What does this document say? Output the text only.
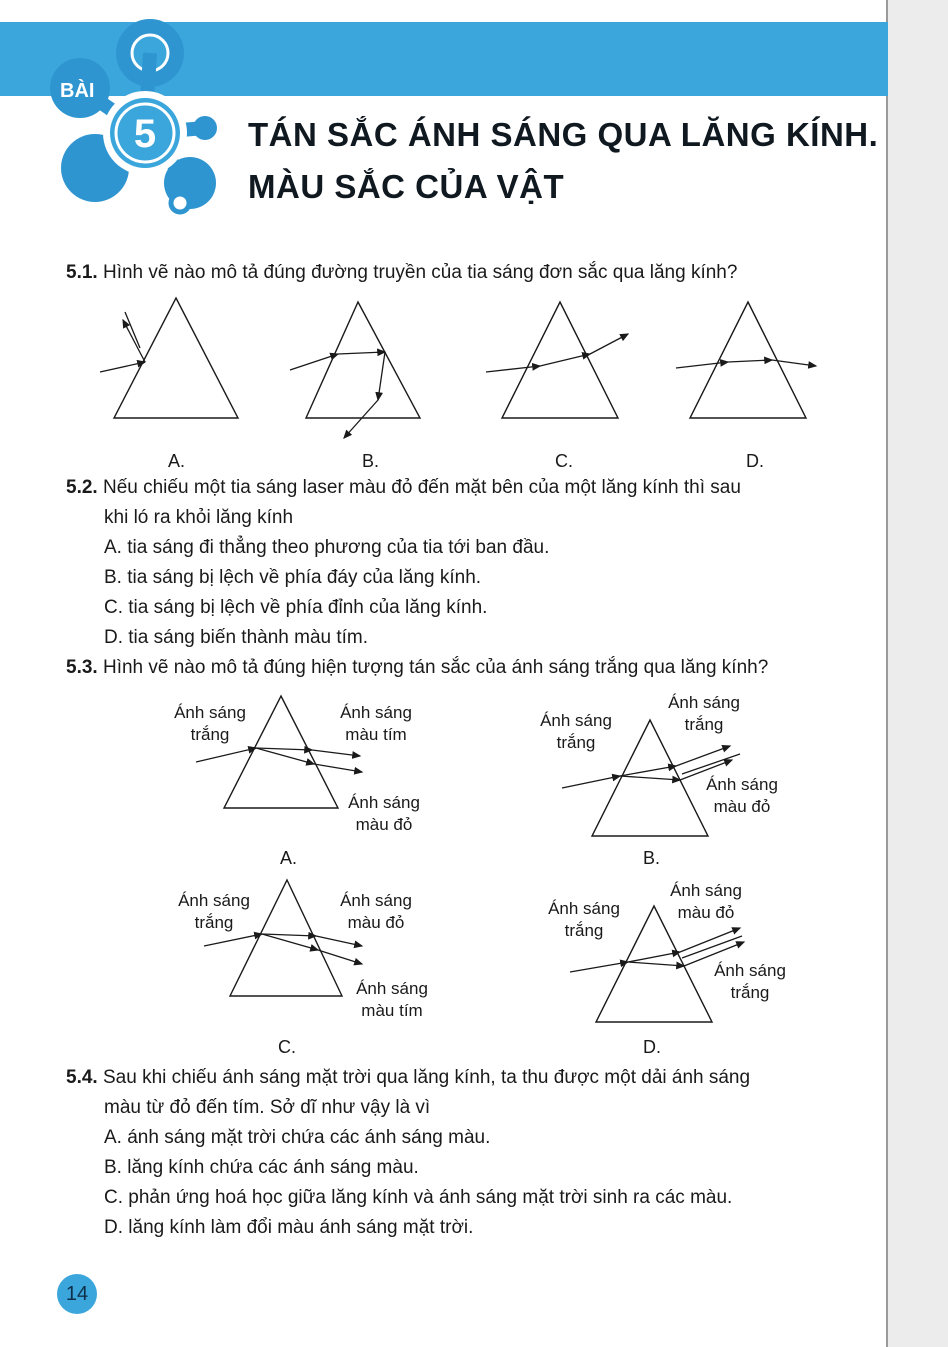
BÀI
5	TÁN SẮC ÁNH SÁNG QUA LĂNG KÍNH.
MÀU SẮC CỦA VẬT
5.1. Hình vẽ nào mô tả đúng đường truyền của tia sáng đơn sắc qua lăng kính?
A.	B.	C.	D.
5.2. Nếu chiếu một tia sáng laser màu đỏ đến mặt bên của một lăng kính thì sau
khi ló ra khỏi lăng kính
A. tia sáng đi thẳng theo phương của tia tới ban đầu.
B. tia sáng bị lệch về phía đáy của lăng kính.
C. tia sáng bị lệch về phía đỉnh của lăng kính.
D. tia sáng biến thành màu tím.
5.3. Hình vẽ nào mô tả đúng hiện tượng tán sắc của ánh sáng trắng qua lăng kính?
Ánh sáng
trắng
Ánh sáng
màu tím
Ánh sáng
màu đỏ
A.
Ánh sáng
trắng
Ánh sáng
trắng
Ánh sáng
màu đỏ
B.
Ánh sáng
trắng
Ánh sáng
màu đỏ
Ánh sáng
màu tím
C.
Ánh sáng
trắng
Ánh sáng
màu đỏ
Ánh sáng
trắng
D.
5.4. Sau khi chiếu ánh sáng mặt trời qua lăng kính, ta thu được một dải ánh sáng
màu từ đỏ đến tím. Sở dĩ như vậy là vì
A. ánh sáng mặt trời chứa các ánh sáng màu.
B. lăng kính chứa các ánh sáng màu.
C. phản ứng hoá học giữa lăng kính và ánh sáng mặt trời sinh ra các màu.
D. lăng kính làm đổi màu ánh sáng mặt trời.
14
